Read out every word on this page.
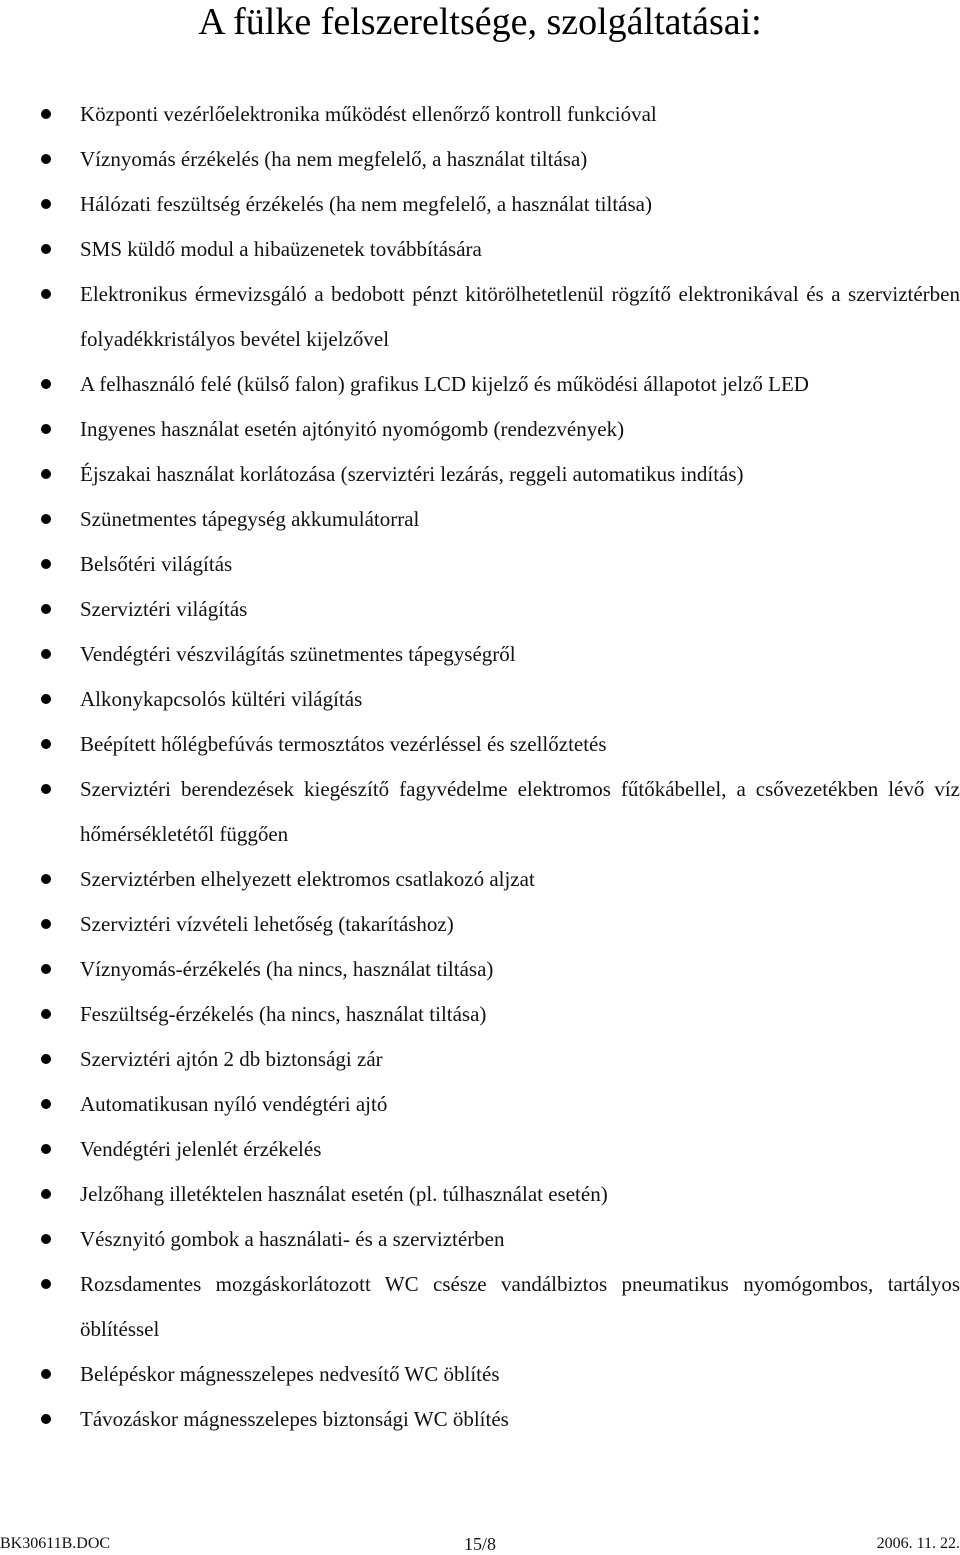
A fülke felszereltsége, szolgáltatásai:
Központi vezérlőelektronika működést ellenőrző kontroll funkcióval
Víznyomás érzékelés (ha nem megfelelő, a használat tiltása)
Hálózati feszültség érzékelés (ha nem megfelelő, a használat tiltása)
SMS küldő modul a hibaüzenetek továbbítására
Elektronikus érmevizsgáló a bedobott pénzt kitörölhetetlenül rögzítő elektronikával és a szerviztérben folyadékkristályos bevétel kijelzővel
A felhasználó felé (külső falon) grafikus LCD kijelző és működési állapotot jelző LED
Ingyenes használat esetén ajtónyitó nyomógomb (rendezvények)
Éjszakai használat korlátozása (szerviztéri lezárás, reggeli automatikus indítás)
Szünetmentes tápegység akkumulátorral
Belsőtéri világítás
Szerviztéri világítás
Vendégtéri vészvilágítás szünetmentes tápegységről
Alkonykapcsolós kültéri világítás
Beépített hőlégbefúvás termosztátos vezérléssel és szellőztetés
Szerviztéri berendezések kiegészítő fagyvédelme elektromos fűtőkábellel, a csővezetékben lévő víz hőmérsékletétől függően
Szerviztérben elhelyezett elektromos csatlakozó aljzat
Szerviztéri vízvételi lehetőség (takarításhoz)
Víznyomás-érzékelés (ha nincs, használat tiltása)
Feszültség-érzékelés (ha nincs, használat tiltása)
Szerviztéri ajtón 2 db biztonsági zár
Automatikusan nyíló vendégtéri ajtó
Vendégtéri jelenlét érzékelés
Jelzőhang illetéktelen használat esetén (pl. túlhasználat esetén)
Vésznyitó gombok a használati- és a szerviztérben
Rozsdamentes mozgáskorlátozott WC csésze vandálbiztos pneumatikus nyomógombos, tartályos öblítéssel
Belépéskor mágnesszelepes nedvesítő WC öblítés
Távozáskor mágnesszelepes biztonsági WC öblítés
BK30611B.DOC	15/8	2006. 11. 22.
